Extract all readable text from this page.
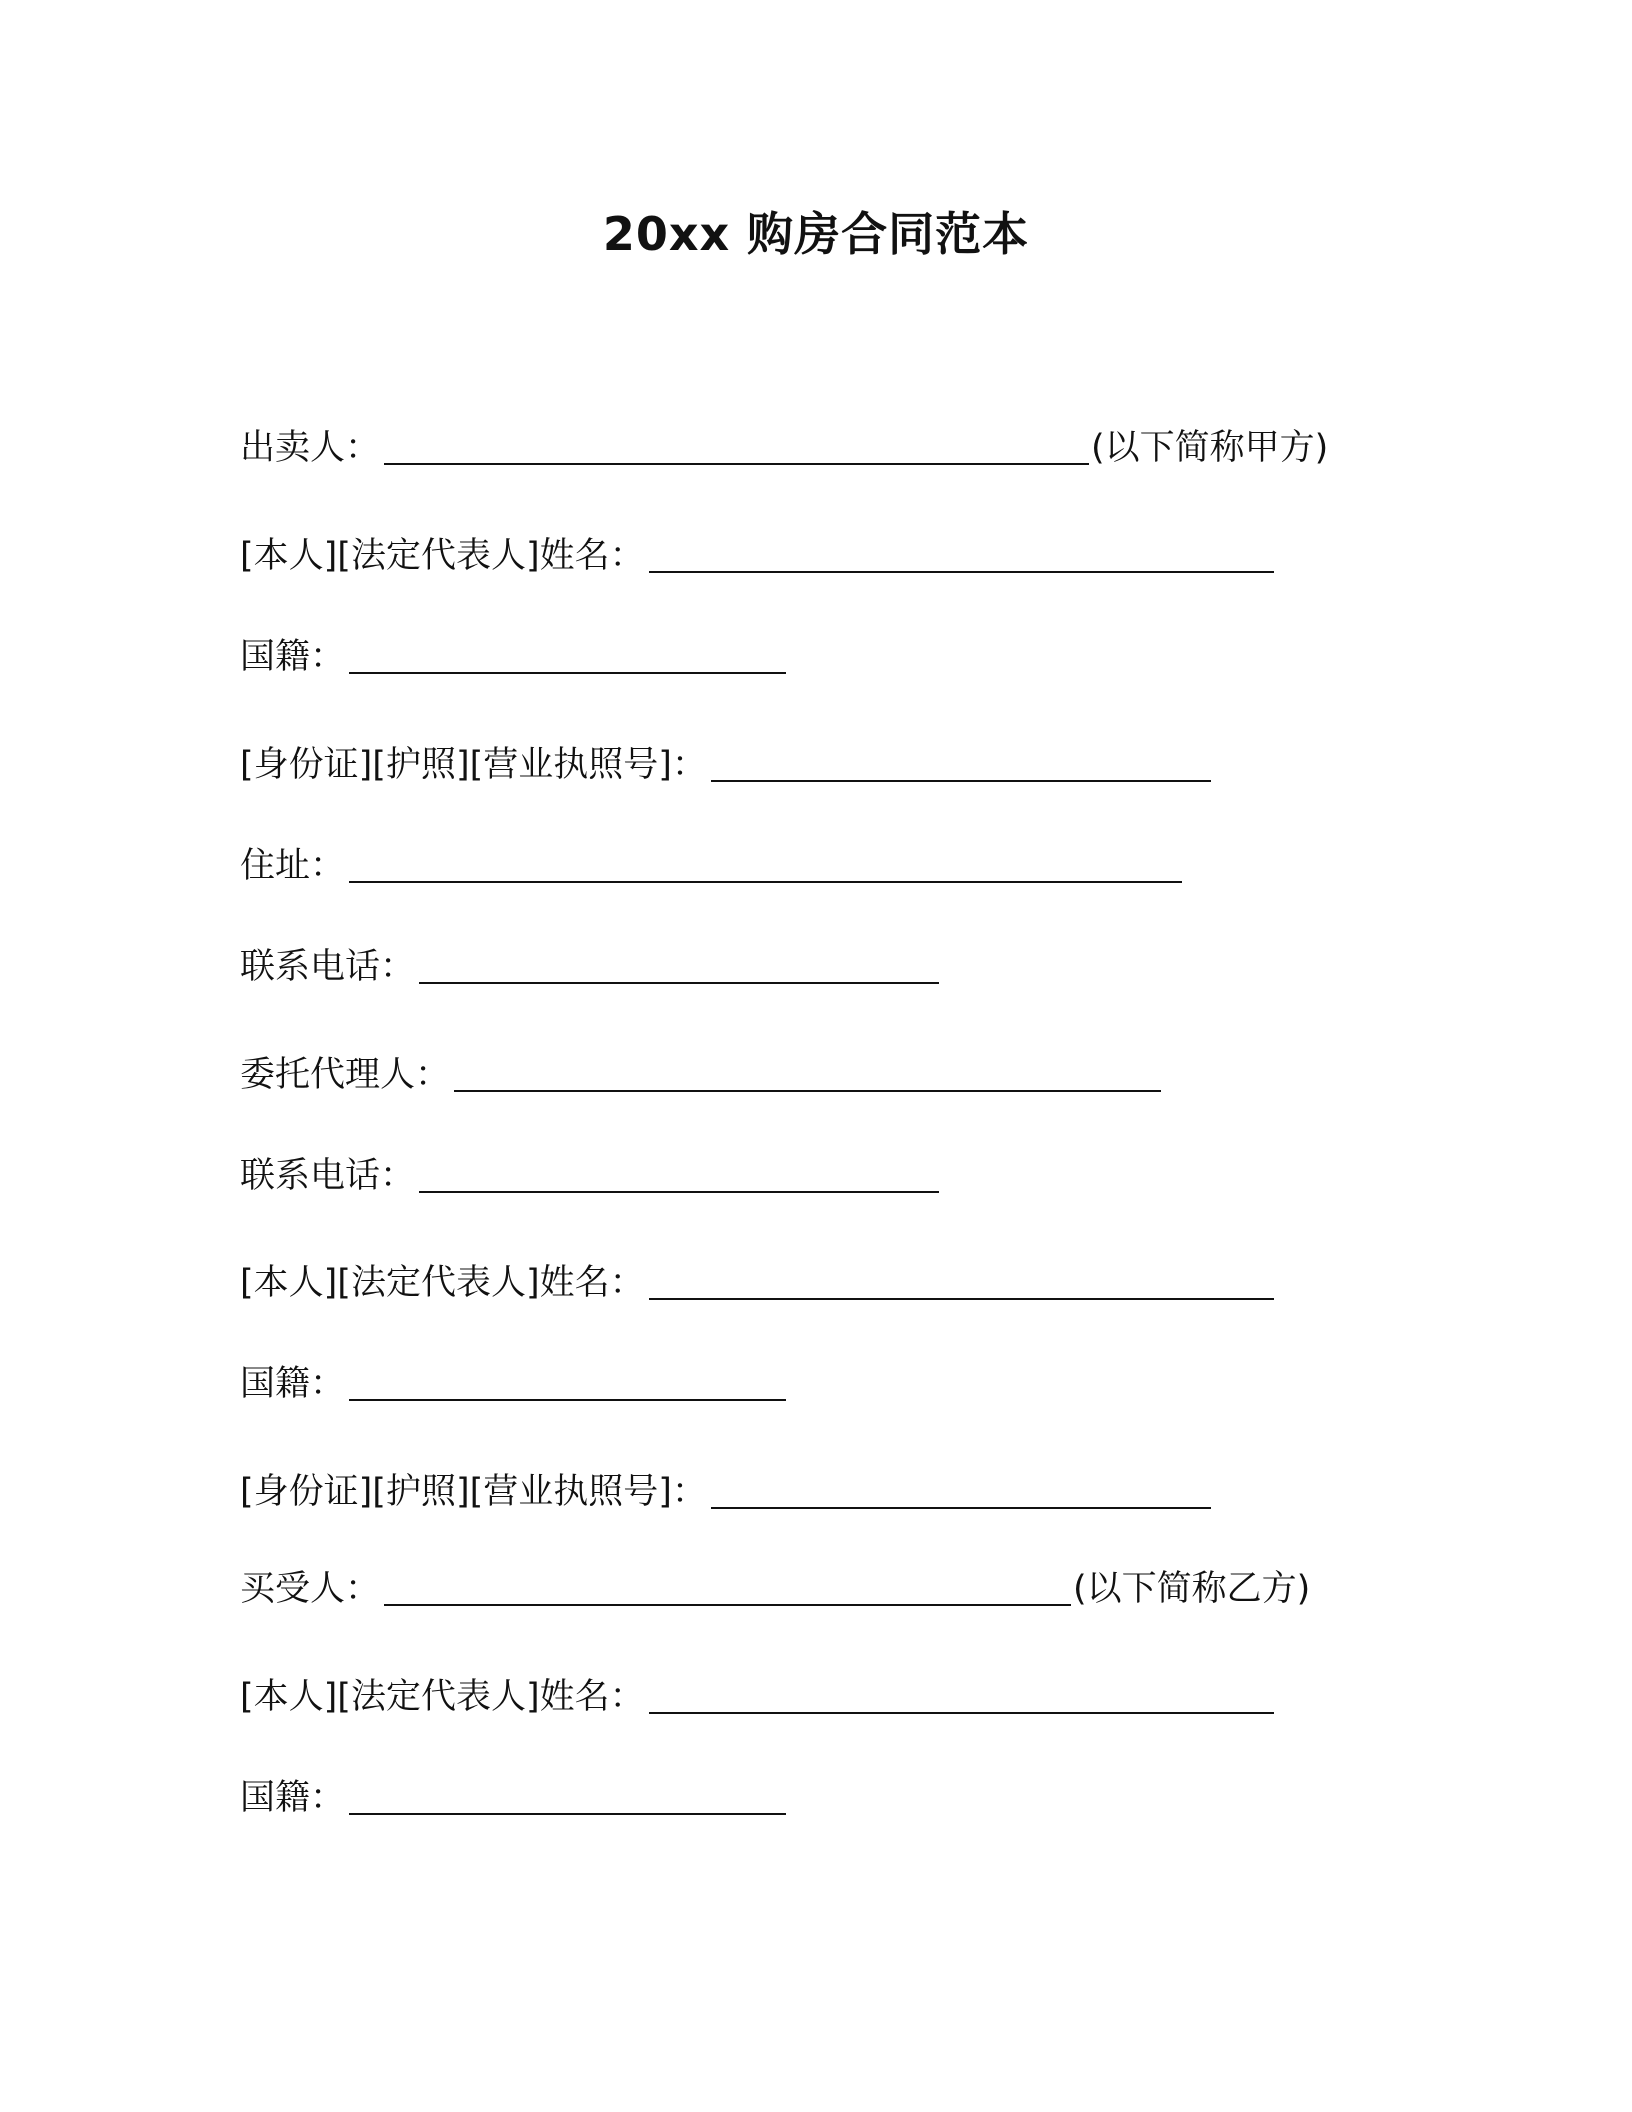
20xx 购房合同范本
出卖人：	(以下简称甲方)
[本人][法定代表人]姓名：
国籍：
[身份证][护照][营业执照号]：
住址：
联系电话：
委托代理人：
联系电话：
[本人][法定代表人]姓名：
国籍：
[身份证][护照][营业执照号]：
买受人：	(以下简称乙方)
[本人][法定代表人]姓名：
国籍：
